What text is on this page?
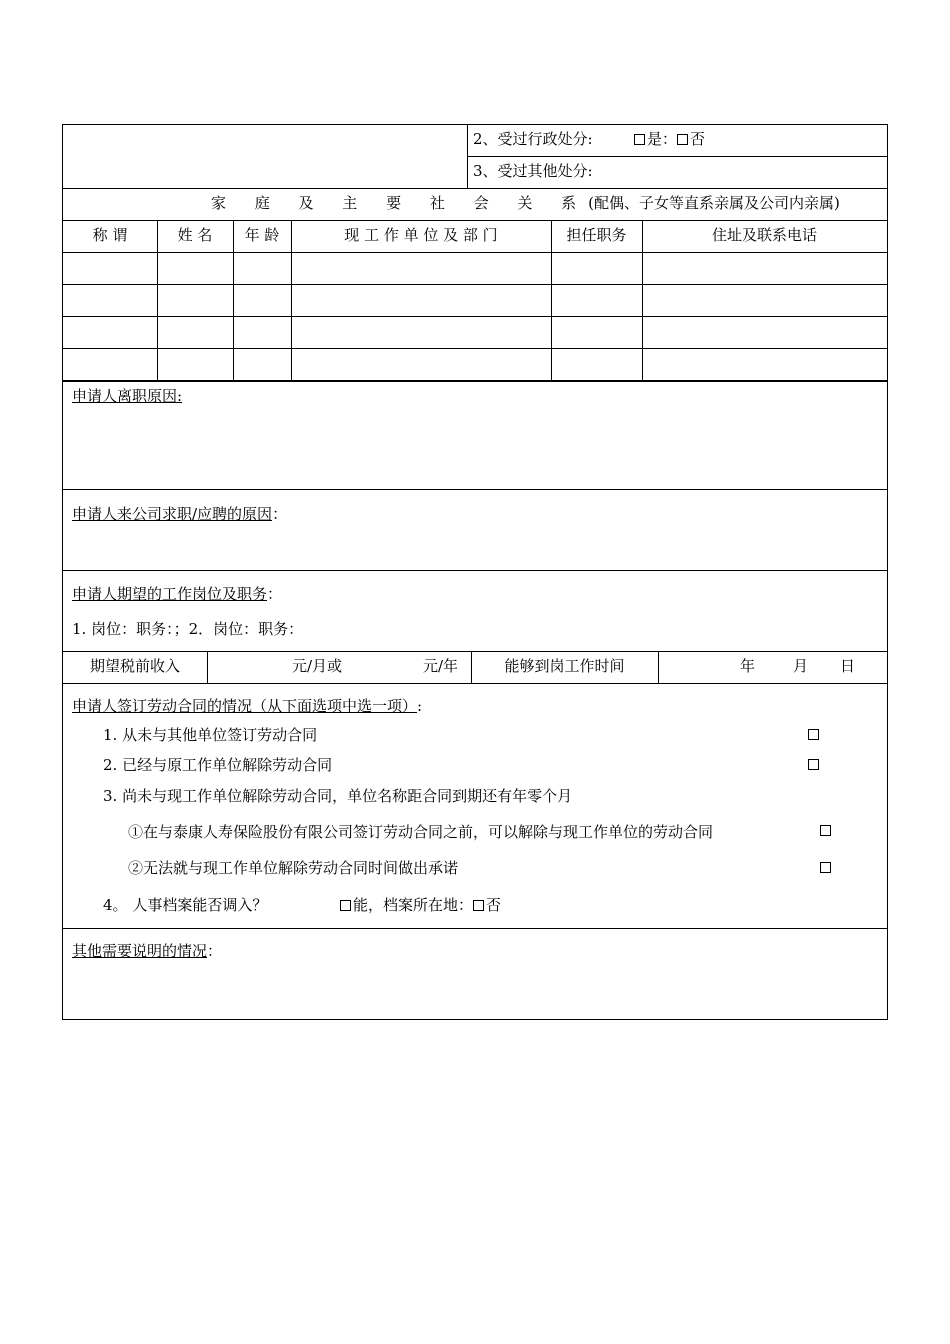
2、受过行政处分:	是： 否
3、受过其他处分:
家 庭 及 主 要 社 会 关 系(配偶、子女等直系亲属及公司内亲属)
称 谓	姓 名	年 龄	现 工 作 单 位 及 部 门	担任职务	住址及联系电话
申请人离职原因:
申请人来公司求职/应聘的原因：
申请人期望的工作岗位及职务：
1. 岗位：职务：；2．岗位：职务：
期望税前收入	元/月或	元/年	能够到岗工作时间	年	月 日
申请人签订劳动合同的情况（从下面选项中选一项）:
1. 从未与其他单位签订劳动合同
2. 已经与原工作单位解除劳动合同
3. 尚未与现工作单位解除劳动合同，单位名称距合同到期还有年零个月
①在与泰康人寿保险股份有限公司签订劳动合同之前，可以解除与现工作单位的劳动合同
②无法就与现工作单位解除劳动合同时间做出承诺
4。 人事档案能否调入？	能，档案所在地： 否
其他需要说明的情况：
